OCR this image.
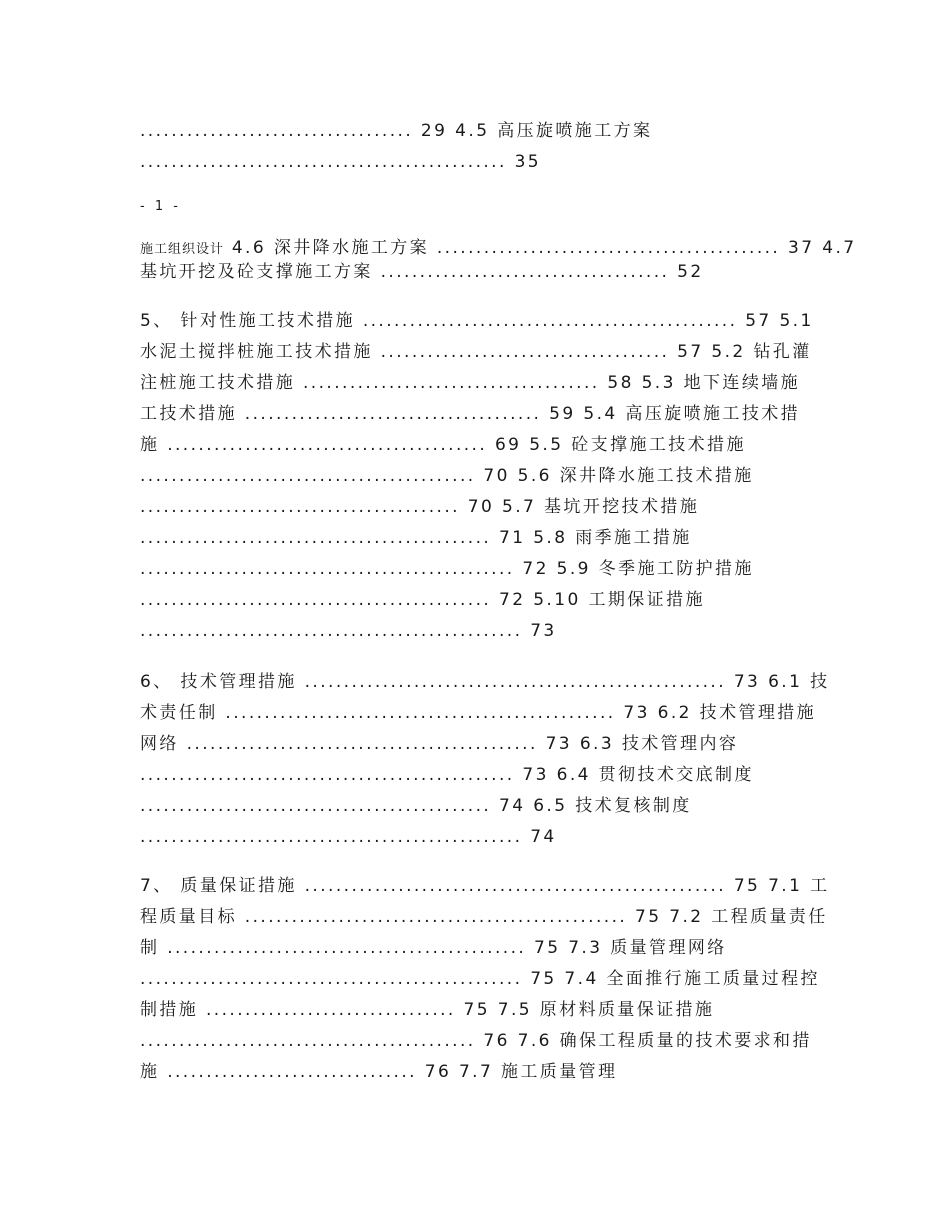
................................... 29 4.5 高压旋喷施工方案
............................................... 35
- 1 -
施工组织设计 4.6 深井降水施工方案 ............................................ 37 4.7
基坑开挖及砼支撑施工方案 ..................................... 52
5、 针对性施工技术措施 ................................................ 57 5.1
水泥土搅拌桩施工技术措施 ..................................... 57 5.2 钻孔灌
注桩施工技术措施 ...................................... 58 5.3 地下连续墙施
工技术措施 ...................................... 59 5.4 高压旋喷施工技术措
施 ......................................... 69 5.5 砼支撑施工技术措施
........................................... 70 5.6 深井降水施工技术措施
......................................... 70 5.7 基坑开挖技术措施
............................................. 71 5.8 雨季施工措施
................................................ 72 5.9 冬季施工防护措施
............................................. 72 5.10 工期保证措施
................................................. 73
6、 技术管理措施 ...................................................... 73 6.1 技
术责任制 .................................................. 73 6.2 技术管理措施
网络 ............................................. 73 6.3 技术管理内容
................................................ 73 6.4 贯彻技术交底制度
............................................. 74 6.5 技术复核制度
................................................. 74
7、 质量保证措施 ...................................................... 75 7.1 工
程质量目标 ................................................. 75 7.2 工程质量责任
制 .............................................. 75 7.3 质量管理网络
................................................. 75 7.4 全面推行施工质量过程控
制措施 ................................ 75 7.5 原材料质量保证措施
........................................... 76 7.6 确保工程质量的技术要求和措
施 ................................ 76 7.7 施工质量管理
